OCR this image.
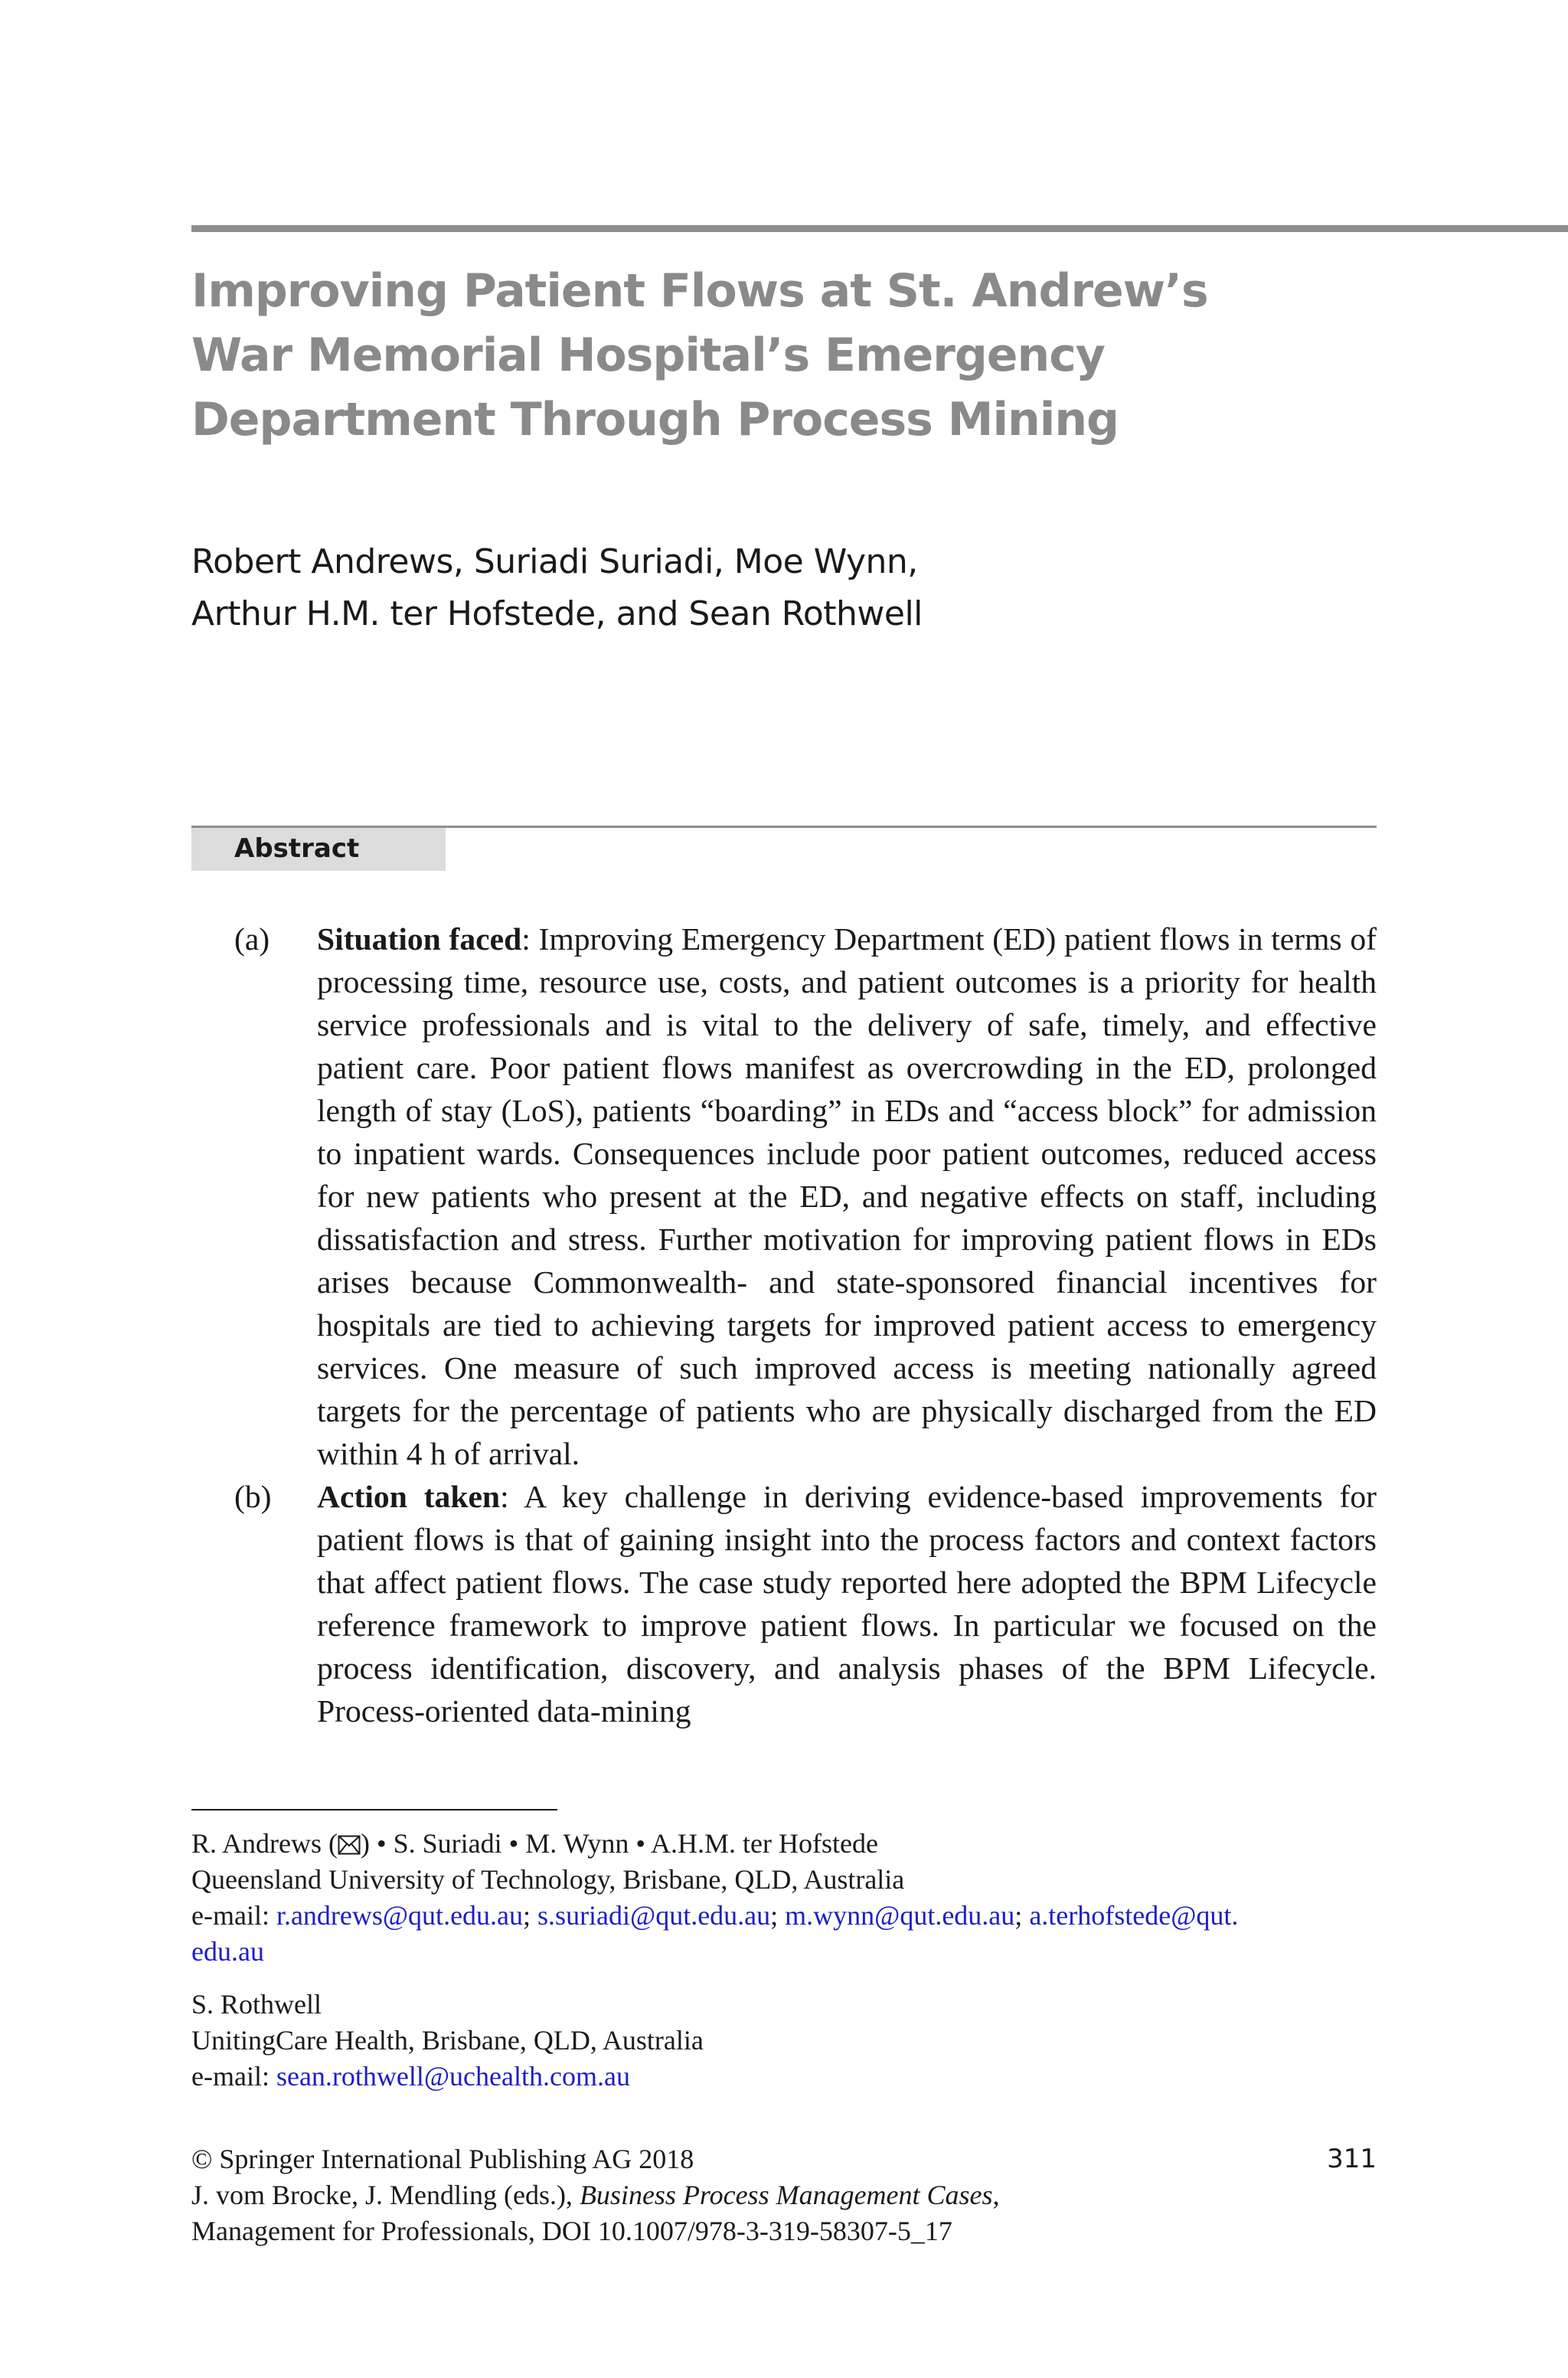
Improving Patient Flows at St. Andrew’s
War Memorial Hospital’s Emergency
Department Through Process Mining
Robert Andrews, Suriadi Suriadi, Moe Wynn,
Arthur H.M. ter Hofstede, and Sean Rothwell
Abstract
(a) Situation faced: Improving Emergency Department (ED) patient flows in terms of processing time, resource use, costs, and patient outcomes is a priority for health service professionals and is vital to the delivery of safe, timely, and effective patient care. Poor patient flows manifest as overcrowding in the ED, prolonged length of stay (LoS), patients “boarding” in EDs and “access block” for admission to inpatient wards. Consequences include poor patient outcomes, reduced access for new patients who present at the ED, and negative effects on staff, including dissatisfaction and stress. Further motivation for improving patient flows in EDs arises because Commonwealth- and state-sponsored financial incentives for hospitals are tied to achieving targets for improved patient access to emergency services. One measure of such improved access is meeting nationally agreed targets for the percentage of patients who are physically discharged from the ED within 4 h of arrival.
(b) Action taken: A key challenge in deriving evidence-based improvements for patient flows is that of gaining insight into the process factors and context factors that affect patient flows. The case study reported here adopted the BPM Lifecycle reference framework to improve patient flows. In particular we focused on the process identification, discovery, and analysis phases of the BPM Lifecycle. Process-oriented data-mining
R. Andrews ( ) • S. Suriadi • M. Wynn • A.H.M. ter Hofstede
Queensland University of Technology, Brisbane, QLD, Australia
e-mail: r.andrews@qut.edu.au; s.suriadi@qut.edu.au; m.wynn@qut.edu.au; a.terhofstede@qut.
edu.au
S. Rothwell
UnitingCare Health, Brisbane, QLD, Australia
e-mail: sean.rothwell@uchealth.com.au
© Springer International Publishing AG 2018
J. vom Brocke, J. Mendling (eds.), Business Process Management Cases,
Management for Professionals, DOI 10.1007/978-3-319-58307-5_17
311
